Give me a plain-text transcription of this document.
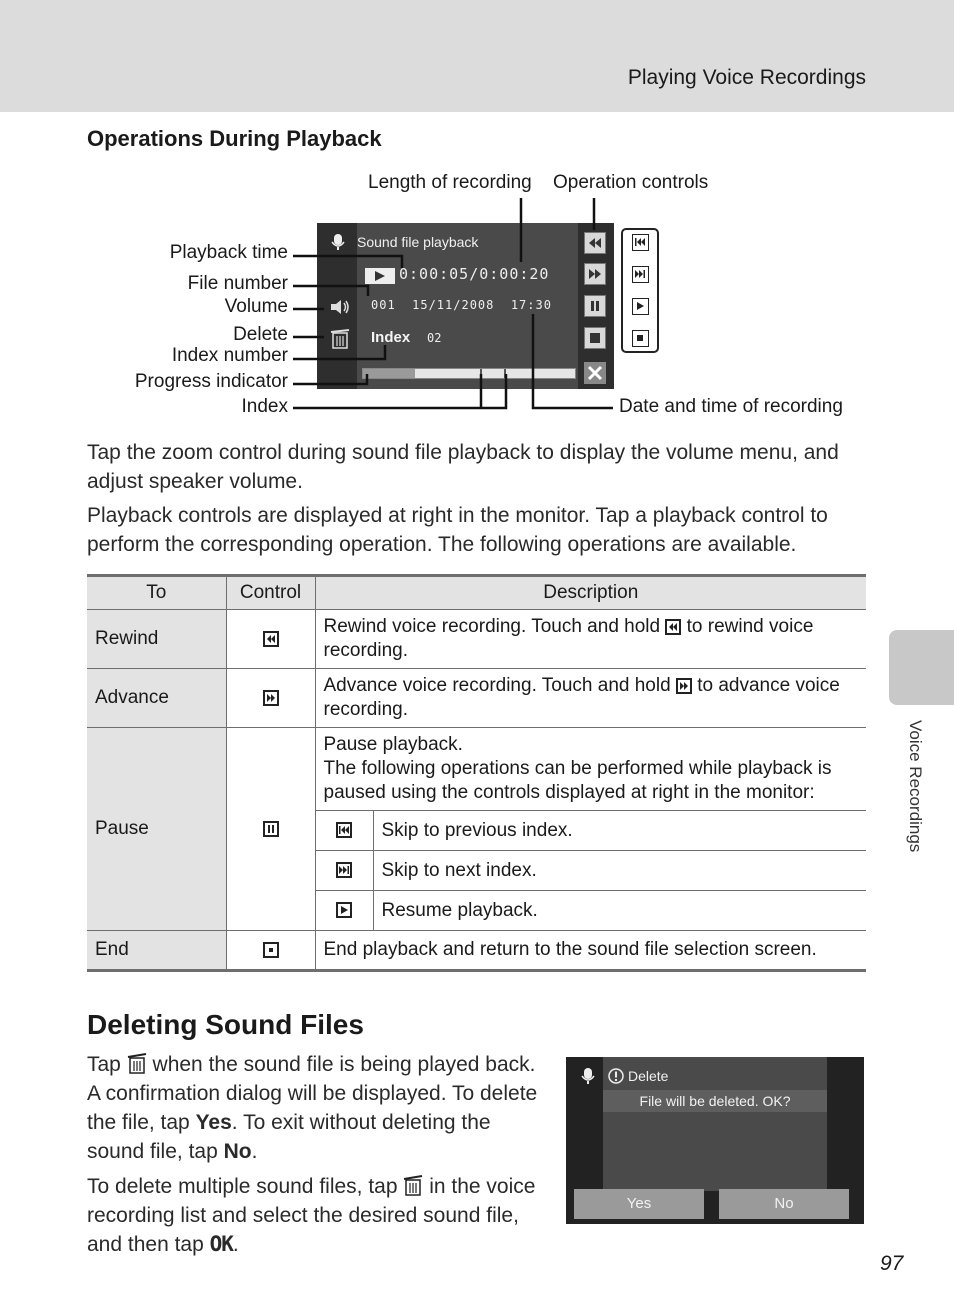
Playing Voice Recordings
Operations During Playback
Length of recording Operation controls
Playback time
File number
Volume
Delete
Index number
Progress indicator
Index	Date and time of recording
Sound file playback
0:00:05/0:00:20
001  15/11/2008  17:30
Index 02
Tap the zoom control during sound file playback to display the volume menu, and adjust speaker volume.
Playback controls are displayed at right in the monitor. Tap a playback control to perform the corresponding operation. The following operations are available.
To	Control	Description	
Rewind		Rewind voice recording. Touch and hold
to rewind voice recording.	
Advance		Advance voice recording. Touch and hold
to advance voice recording.	
Pause		Pause playback.
The following operations can be performed while playback is paused using the controls displayed at right in the monitor:	

	Skip to previous index.

	Skip to next index.

	Resume playback.
End		End playback and return to the sound file selection screen.	
Deleting Sound Files
Tap  when the sound file is being played back. A confirmation dialog will be displayed. To delete the file, tap Yes. To exit without deleting the sound file, tap No.
To delete multiple sound files, tap  in the voice recording list and select the desired sound file, and then tap OK.
Delete
File will be deleted. OK?
Yes	No
Voice Recordings
97
